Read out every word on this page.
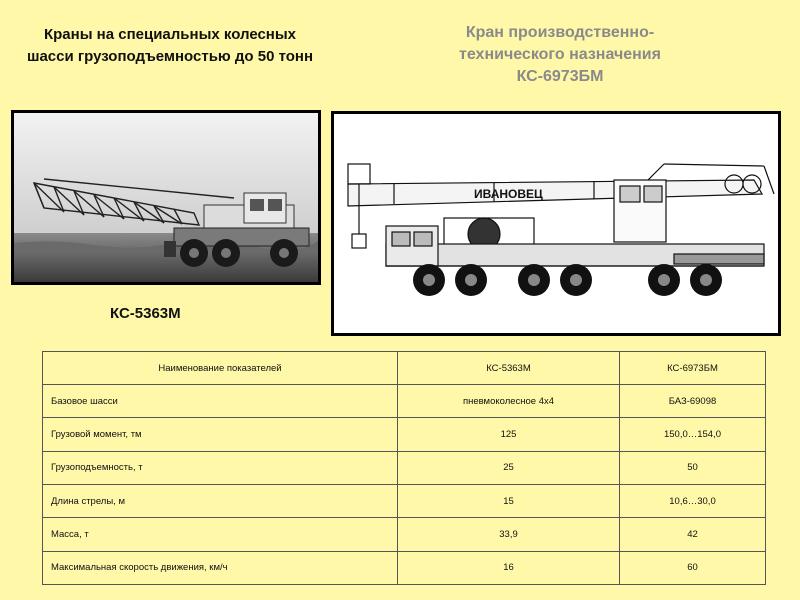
Краны на специальных колесных шасси грузоподъемностью до 50 тонн
Кран производственно-
технического назначения
КС-6973БМ
ИВАНОВЕЦ
КС-5363М
Наименование показателей	КС-5363М	КС-6973БМ
Базовое шасси	пневмоколесное 4х4	БАЗ-69098
Грузовой момент, тм	125	150,0…154,0
Грузоподъемность, т	25	50
Длина стрелы, м	15	10,6…30,0
Масса, т	33,9	42
Максимальная скорость движения, км/ч	16	60
